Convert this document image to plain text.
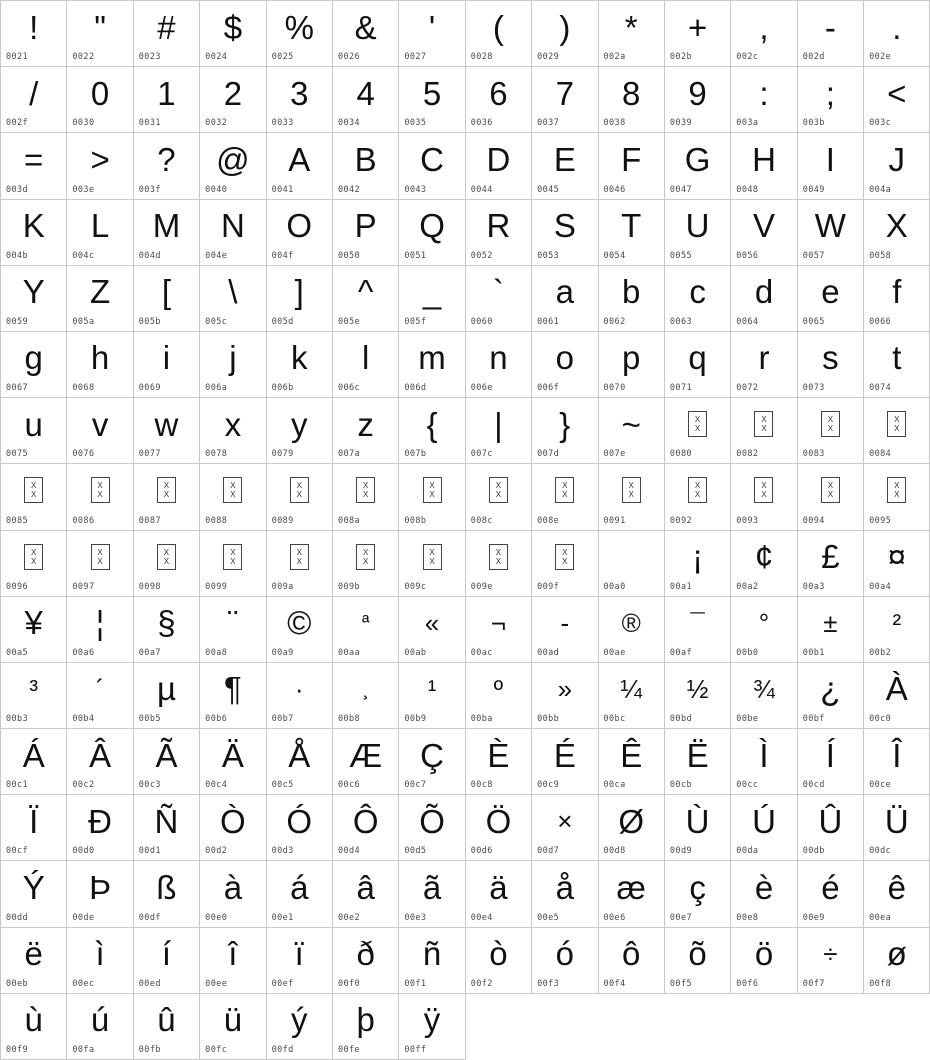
!
0021
"
0022
#
0023
$
0024
%
0025
&
0026
'
0027
(
0028
)
0029
*
002a
+
002b
,
002c
-
002d
.
002e
/
002f
0
0030
1
0031
2
0032
3
0033
4
0034
5
0035
6
0036
7
0037
8
0038
9
0039
:
003a
;
003b
<
003c
=
003d
>
003e
?
003f
@
0040
A
0041
B
0042
C
0043
D
0044
E
0045
F
0046
G
0047
H
0048
I
0049
J
004a
K
004b
L
004c
M
004d
N
004e
O
004f
P
0050
Q
0051
R
0052
S
0053
T
0054
U
0055
V
0056
W
0057
X
0058
Y
0059
Z
005a
[
005b
\
005c
]
005d
^
005e
_
005f
`
0060
a
0061
b
0062
c
0063
d
0064
e
0065
f
0066
g
0067
h
0068
i
0069
j
006a
k
006b
l
006c
m
006d
n
006e
o
006f
p
0070
q
0071
r
0072
s
0073
t
0074
u
0075
v
0076
w
0077
x
0078
y
0079
z
007a
{
007b
|
007c
}
007d
~
007e
X
X
0080
X
X
0082
X
X
0083
X
X
0084
X
X
0085
X
X
0086
X
X
0087
X
X
0088
X
X
0089
X
X
008a
X
X
008b
X
X
008c
X
X
008e
X
X
0091
X
X
0092
X
X
0093
X
X
0094
X
X
0095
X
X
0096
X
X
0097
X
X
0098
X
X
0099
X
X
009a
X
X
009b
X
X
009c
X
X
009e
X
X
009f	00a0
¡
00a1
¢
00a2
£
00a3
¤
00a4
¥
00a5
¦
00a6
§
00a7
¨
00a8
©
00a9
ª
00aa
«
00ab
¬
00ac
-
00ad
®
00ae
¯
00af
°
00b0
±
00b1
²
00b2
³
00b3
´
00b4
µ
00b5
¶
00b6
·
00b7
¸
00b8
¹
00b9
º
00ba
»
00bb
¼
00bc
½
00bd
¾
00be
¿
00bf
À
00c0
Á
00c1
Â
00c2
Ã
00c3
Ä
00c4
Å
00c5
Æ
00c6
Ç
00c7
È
00c8
É
00c9
Ê
00ca
Ë
00cb
Ì
00cc
Í
00cd
Î
00ce
Ï
00cf
Ð
00d0
Ñ
00d1
Ò
00d2
Ó
00d3
Ô
00d4
Õ
00d5
Ö
00d6
×
00d7
Ø
00d8
Ù
00d9
Ú
00da
Û
00db
Ü
00dc
Ý
00dd
Þ
00de
ß
00df
à
00e0
á
00e1
â
00e2
ã
00e3
ä
00e4
å
00e5
æ
00e6
ç
00e7
è
00e8
é
00e9
ê
00ea
ë
00eb
ì
00ec
í
00ed
î
00ee
ï
00ef
ð
00f0
ñ
00f1
ò
00f2
ó
00f3
ô
00f4
õ
00f5
ö
00f6
÷
00f7
ø
00f8
ù
00f9
ú
00fa
û
00fb
ü
00fc
ý
00fd
þ
00fe
ÿ
00ff
